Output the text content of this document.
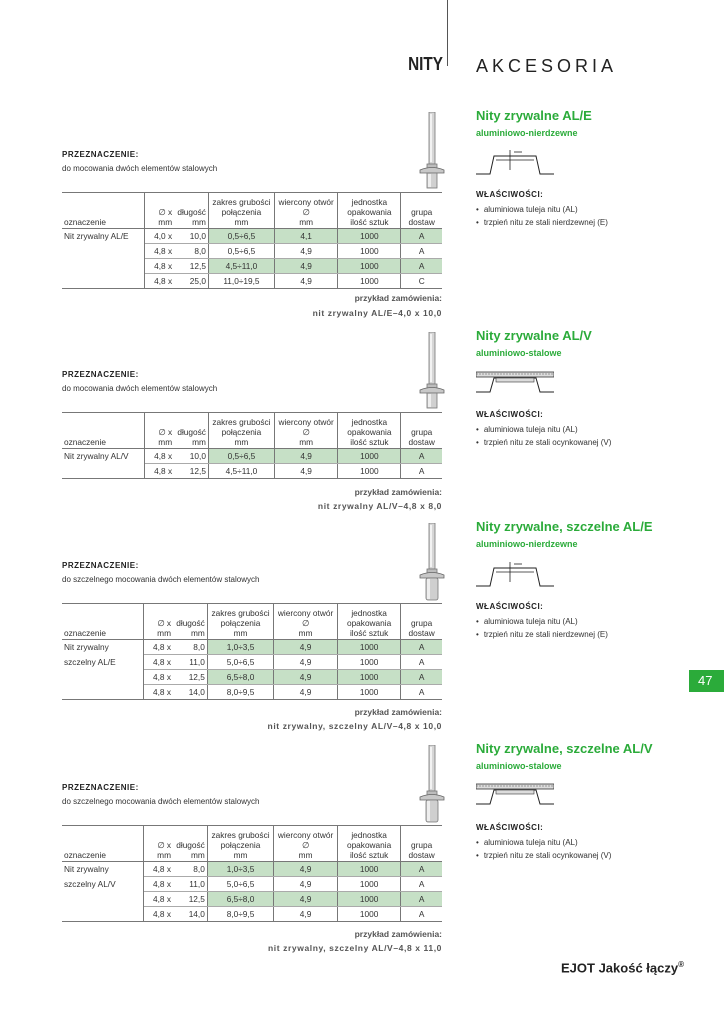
NITY AKCESORIA
47
Nity zrywalne AL/E
aluminiowo-nierdzewne
PRZEZNACZENIE:
do mocowania dwóch elementów stalowych
WŁAŚCIWOŚCI:
• aluminiowa tuleja nitu (AL)
• trzpień nitu ze stali nierdzewnej (E)
oznaczenie	∅ x
mm	długość
mm	zakres grubości
połączenia
mm	wiercony otwór
∅
mm	jednostka
opakowania
ilość sztuk	grupa
dostaw
Nit zrywalny AL/E	4,0 x	10,0	0,5÷6,5	4,1	1000	A
	4,8 x	8,0	0,5÷6,5	4,9	1000	A
	4,8 x	12,5	4,5÷11,0	4,9	1000	A
	4,8 x	25,0	11,0÷19,5	4,9	1000	C
przykład zamówienia:
nit zrywalny AL/E–4,0 x 10,0
Nity zrywalne AL/V
aluminiowo-stalowe
PRZEZNACZENIE:
do mocowania dwóch elementów stalowych
WŁAŚCIWOŚCI:
• aluminiowa tuleja nitu (AL)
• trzpień nitu ze stali ocynkowanej (V)
oznaczenie	∅ x
mm	długość
mm	zakres grubości
połączenia
mm	wiercony otwór
∅
mm	jednostka
opakowania
ilość sztuk	grupa
dostaw
Nit zrywalny AL/V	4,8 x	10,0	0,5÷6,5	4,9	1000	A
	4,8 x	12,5	4,5÷11,0	4,9	1000	A
przykład zamówienia:
nit zrywalny AL/V–4,8 x 8,0
Nity zrywalne, szczelne AL/E
aluminiowo-nierdzewne
PRZEZNACZENIE:
do szczelnego mocowania dwóch elementów stalowych
WŁAŚCIWOŚCI:
• aluminiowa tuleja nitu (AL)
• trzpień nitu ze stali nierdzewnej (E)
oznaczenie	∅ x
mm	długość
mm	zakres grubości
połączenia
mm	wiercony otwór
∅
mm	jednostka
opakowania
ilość sztuk	grupa
dostaw
Nit zrywalny	4,8 x	8,0	1,0÷3,5	4,9	1000	A
szczelny AL/E	4,8 x	11,0	5,0÷6,5	4,9	1000	A
	4,8 x	12,5	6,5÷8,0	4,9	1000	A
	4,8 x	14,0	8,0÷9,5	4,9	1000	A
przykład zamówienia:
nit zrywalny, szczelny AL/V–4,8 x 10,0
Nity zrywalne, szczelne AL/V
aluminiowo-stalowe
PRZEZNACZENIE:
do szczelnego mocowania dwóch elementów stalowych
WŁAŚCIWOŚCI:
• aluminiowa tuleja nitu (AL)
• trzpień nitu ze stali ocynkowanej (V)
oznaczenie	∅ x
mm	długość
mm	zakres grubości
połączenia
mm	wiercony otwór
∅
mm	jednostka
opakowania
ilość sztuk	grupa
dostaw
Nit zrywalny	4,8 x	8,0	1,0÷3,5	4,9	1000	A
szczelny AL/V	4,8 x	11,0	5,0÷6,5	4,9	1000	A
	4,8 x	12,5	6,5÷8,0	4,9	1000	A
	4,8 x	14,0	8,0÷9,5	4,9	1000	A
przykład zamówienia:
nit zrywalny, szczelny AL/V–4,8 x 11,0
EJOT Jakość łączy®
